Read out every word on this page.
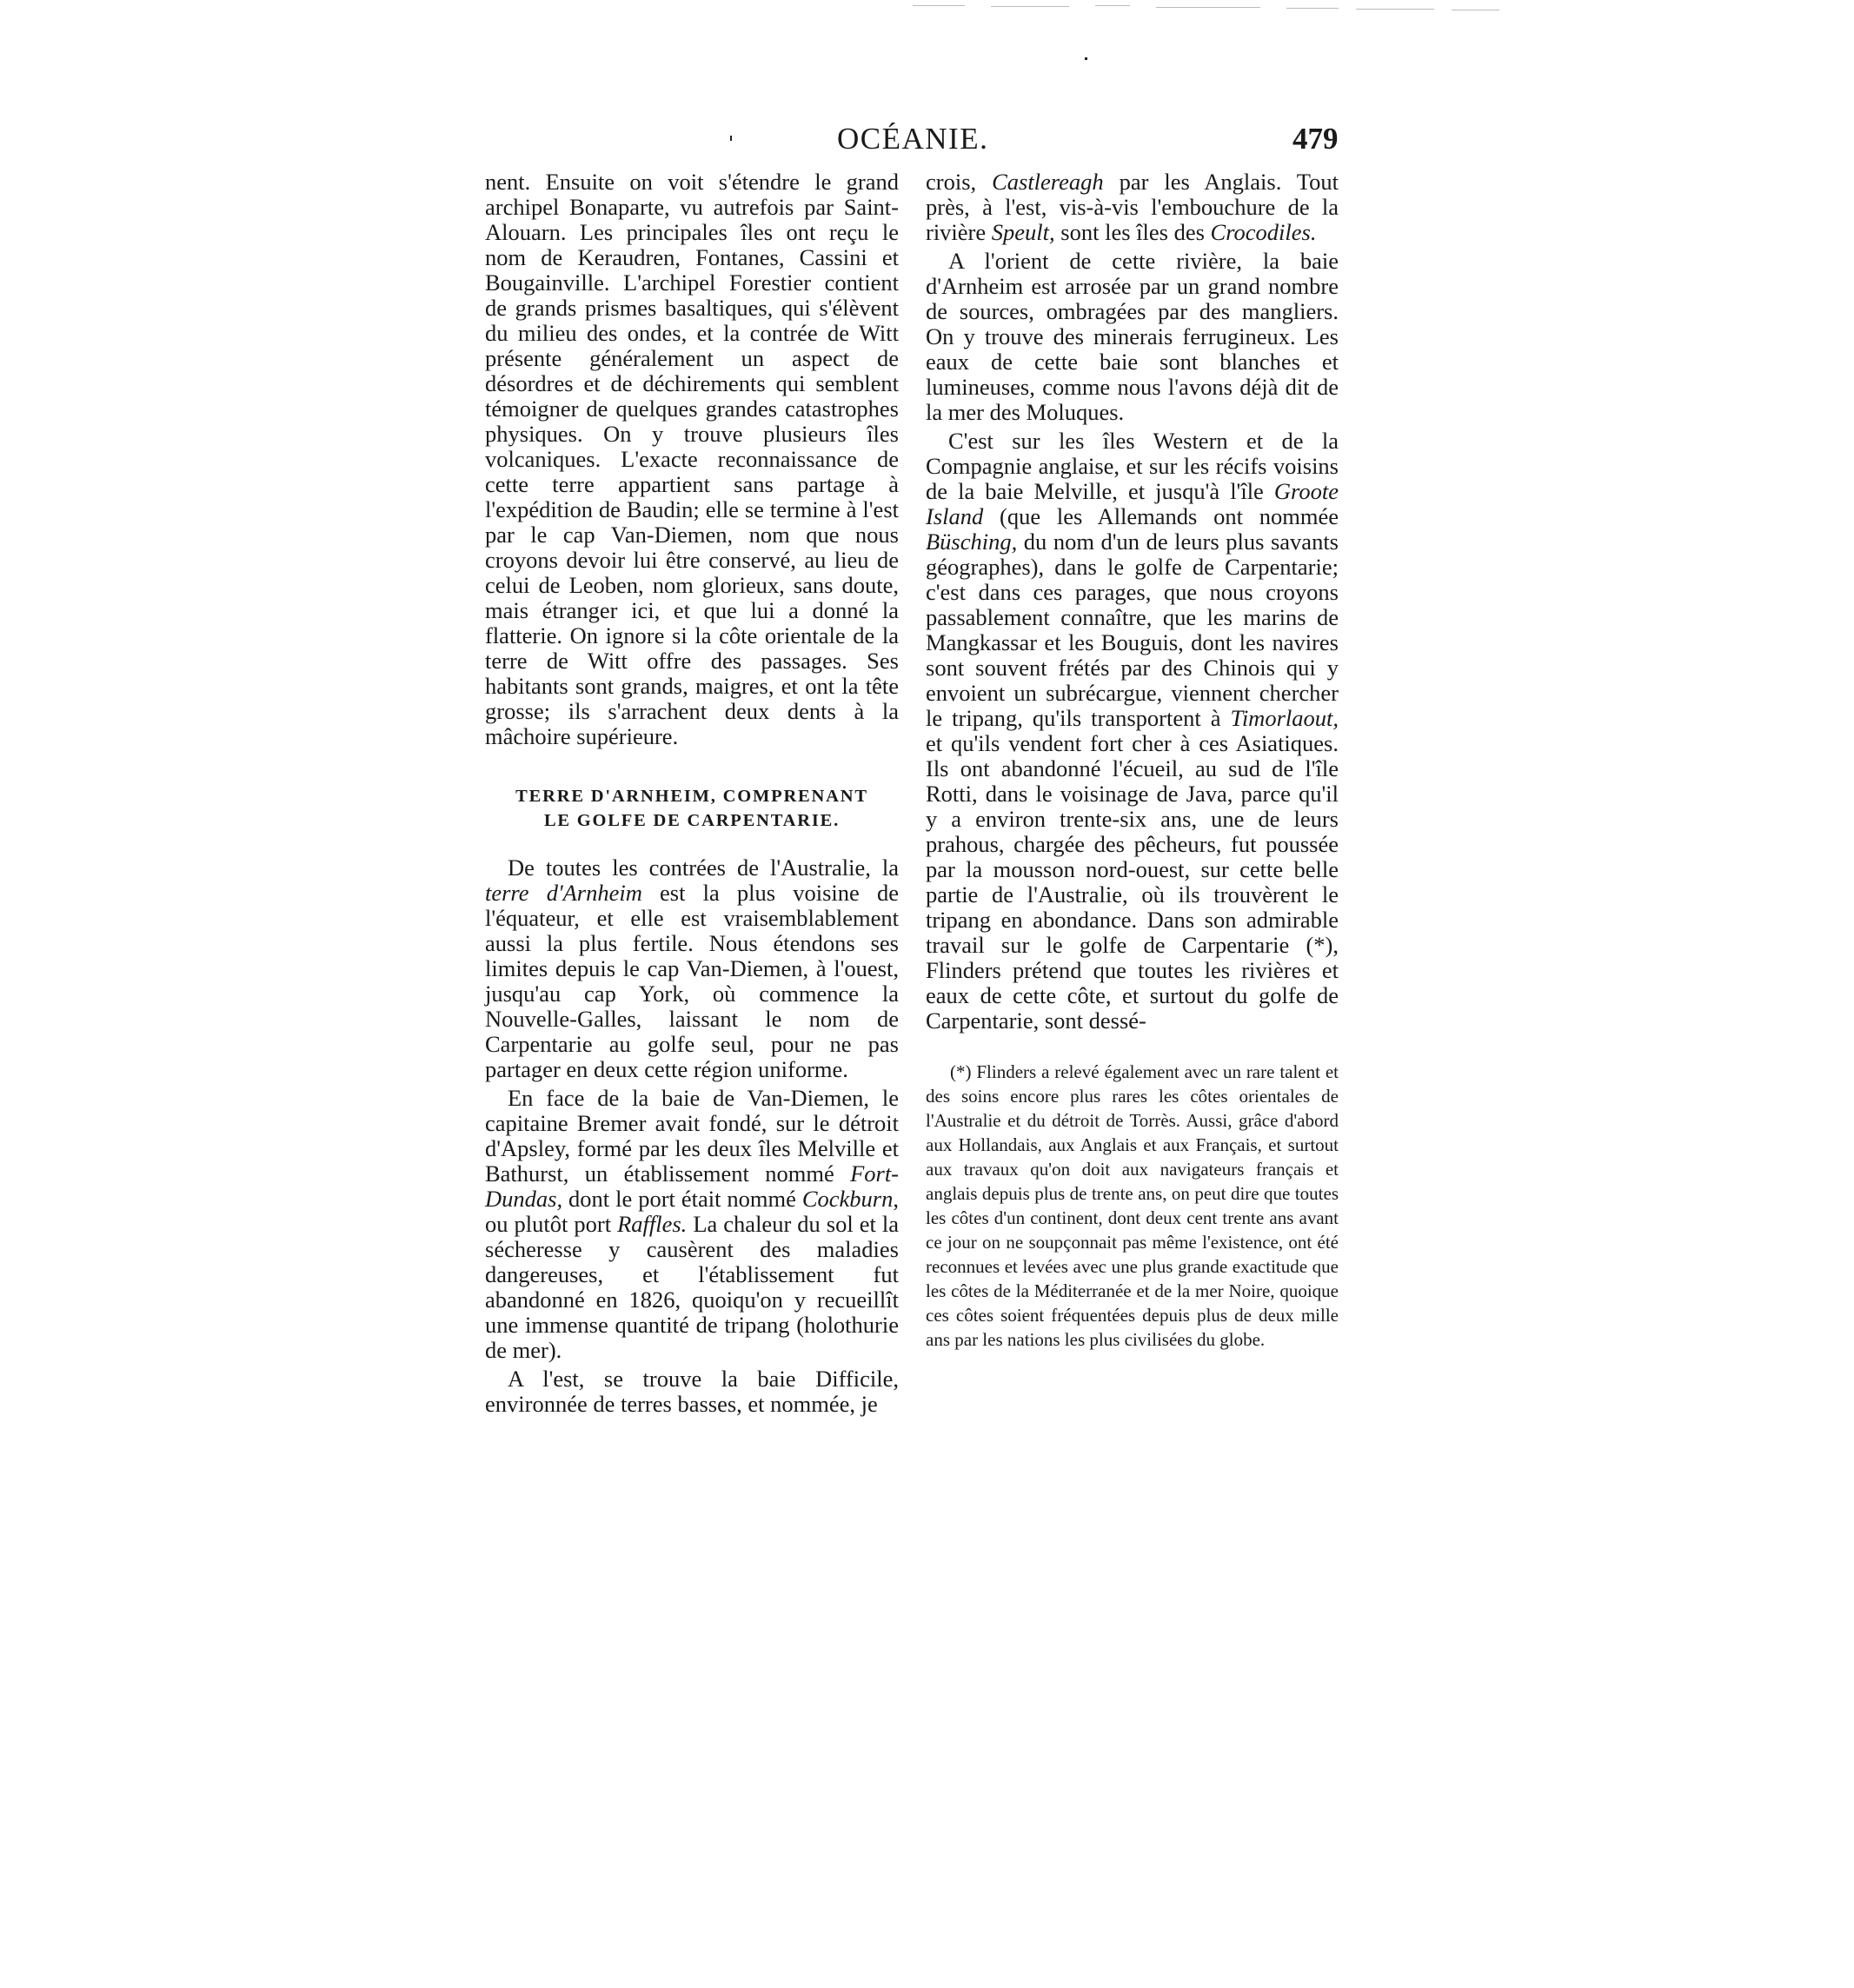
OCÉANIE.	479

nent. Ensuite on voit s'étendre le grand archipel Bonaparte, vu autrefois par Saint-Alouarn. Les principales îles ont reçu le nom de Keraudren, Fontanes, Cassini et Bougainville. L'archipel Forestier contient de grands prismes basaltiques, qui s'élèvent du milieu des ondes, et la contrée de Witt présente généralement un aspect de désordres et de déchirements qui semblent témoigner de quelques grandes catastrophes physiques. On y trouve plusieurs îles volcaniques. L'exacte reconnaissance de cette terre appartient sans partage à l'expédition de Baudin; elle se termine à l'est par le cap Van-Diemen, nom que nous croyons devoir lui être conservé, au lieu de celui de Leoben, nom glorieux, sans doute, mais étranger ici, et que lui a donné la flatterie. On ignore si la côte orientale de la terre de Witt offre des passages. Ses habitants sont grands, maigres, et ont la tête grosse; ils s'arrachent deux dents à la mâchoire supérieure.

TERRE D'ARNHEIM, COMPRENANT
LE GOLFE DE CARPENTARIE.

De toutes les contrées de l'Australie, la terre d'Arnheim est la plus voisine de l'équateur, et elle est vraisemblablement aussi la plus fertile. Nous étendons ses limites depuis le cap Van-Diemen, à l'ouest, jusqu'au cap York, où commence la Nouvelle-Galles, laissant le nom de Carpentarie au golfe seul, pour ne pas partager en deux cette région uniforme.

En face de la baie de Van-Diemen, le capitaine Bremer avait fondé, sur le détroit d'Apsley, formé par les deux îles Melville et Bathurst, un établissement nommé Fort-Dundas, dont le port était nommé Cockburn, ou plutôt port Raffles. La chaleur du sol et la sécheresse y causèrent des maladies dangereuses, et l'établissement fut abandonné en 1826, quoiqu'on y recueillît une immense quantité de tripang (holothurie de mer).

A l'est, se trouve la baie Difficile, environnée de terres basses, et nommée, je

crois, Castlereagh par les Anglais. Tout près, à l'est, vis-à-vis l'embouchure de la rivière Speult, sont les îles des Crocodiles.

A l'orient de cette rivière, la baie d'Arnheim est arrosée par un grand nombre de sources, ombragées par des mangliers. On y trouve des minerais ferrugineux. Les eaux de cette baie sont blanches et lumineuses, comme nous l'avons déjà dit de la mer des Moluques.

C'est sur les îles Western et de la Compagnie anglaise, et sur les récifs voisins de la baie Melville, et jusqu'à l'île Groote Island (que les Allemands ont nommée Büsching, du nom d'un de leurs plus savants géographes), dans le golfe de Carpentarie; c'est dans ces parages, que nous croyons passablement connaître, que les marins de Mangkassar et les Bouguis, dont les navires sont souvent frétés par des Chinois qui y envoient un subrécargue, viennent chercher le tripang, qu'ils transportent à Timorlaout, et qu'ils vendent fort cher à ces Asiatiques. Ils ont abandonné l'écueil, au sud de l'île Rotti, dans le voisinage de Java, parce qu'il y a environ trente-six ans, une de leurs prahous, chargée des pêcheurs, fut poussée par la mousson nord-ouest, sur cette belle partie de l'Australie, où ils trouvèrent le tripang en abondance. Dans son admirable travail sur le golfe de Carpentarie (*), Flinders prétend que toutes les rivières et eaux de cette côte, et surtout du golfe de Carpentarie, sont dessé-

(*) Flinders a relevé également avec un rare talent et des soins encore plus rares les côtes orientales de l'Australie et du détroit de Torrès. Aussi, grâce d'abord aux Hollandais, aux Anglais et aux Français, et surtout aux travaux qu'on doit aux navigateurs français et anglais depuis plus de trente ans, on peut dire que toutes les côtes d'un continent, dont deux cent trente ans avant ce jour on ne soupçonnait pas même l'existence, ont été reconnues et levées avec une plus grande exactitude que les côtes de la Méditerranée et de la mer Noire, quoique ces côtes soient fréquentées depuis plus de deux mille ans par les nations les plus civilisées du globe.
